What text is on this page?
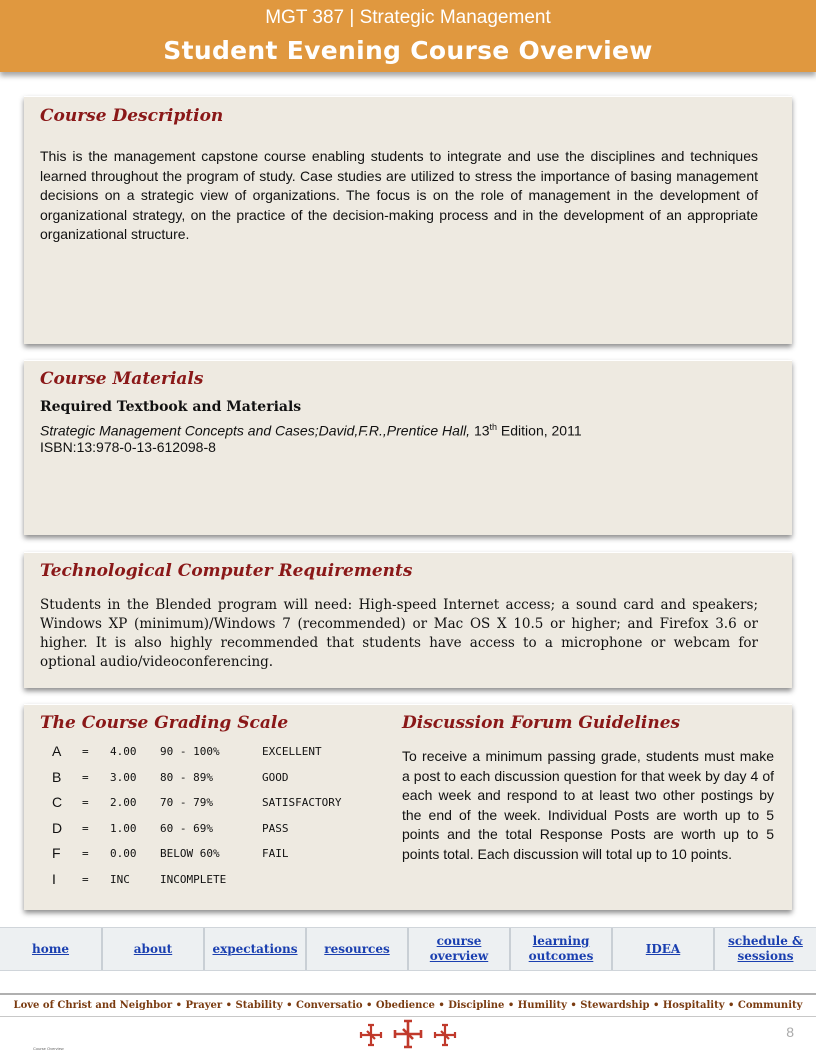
MGT 387 | Strategic Management
Student Evening Course Overview
Course Description
This is the management capstone course enabling students to integrate and use the disciplines and techniques learned throughout the program of study. Case studies are utilized to stress the importance of basing management decisions on a strategic view of organizations. The focus is on the role of management in the development of organizational strategy, on the practice of the decision-making process and in the development of an appropriate organizational structure.
Course Materials
Required Textbook and Materials
Strategic Management Concepts and Cases;David,F.R.,Prentice Hall, 13th Edition, 2011
ISBN:13:978-0-13-612098-8
Technological Computer Requirements
Students in the Blended program will need: High-speed Internet access; a sound card and speakers; Windows XP (minimum)/Windows 7 (recommended) or Mac OS X 10.5 or higher; and Firefox 3.6 or higher. It is also highly recommended that students have access to a microphone or webcam for optional audio/videoconferencing.
The Course Grading Scale
A = 4.00 90 - 100%	EXCELLENT
B = 3.00 80 - 89%	GOOD
C = 2.00 70 - 79%	SATISFACTORY
D = 1.00 60 - 69%	PASS
F = 0.00 BELOW 60%	FAIL
I = INC	INCOMPLETE
Discussion Forum Guidelines
To receive a minimum passing grade, students must make a post to each discussion question for that week by day 4 of each week and respond to at least two other postings by the end of the week. Individual Posts are worth up to 5 points and the total Response Posts are worth up to 5 points total. Each discussion will total up to 10 points.
home	about	expectations	resources
course overview
learning outcomes
IDEA
schedule & sessions
Love of Christ and Neighbor • Prayer • Stability • Conversatio • Obedience • Discipline • Humility • Stewardship • Hospitality • Community
8
Course Overview
